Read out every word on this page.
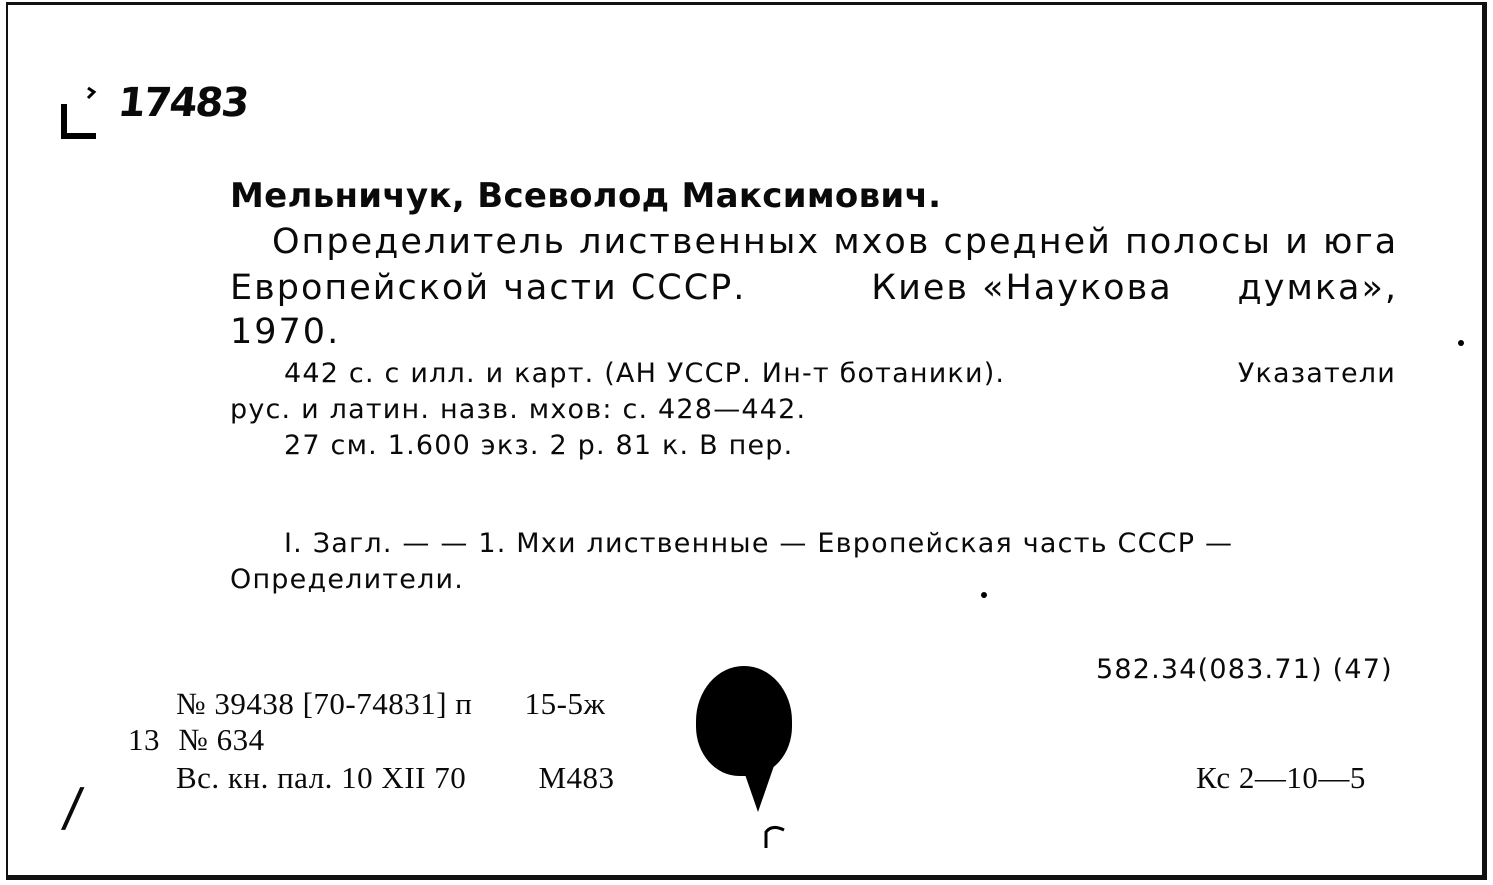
17483
Мельничук, Всеволод Максимович.
Определитель лиственных мхов средней полосы и юга
Европейской части СССР.	Киев «Наукова думка»,
1970.
442 с. с илл. и карт. (АН УССР. Ин-т ботаники).	Указатели
рус. и латин. назв. мхов: с. 428—442.
27 см. 1.600 экз. 2 р. 81 к. В пер.
I. Загл. — — 1. Мхи лиственные — Европейская часть СССР —
Определители.
582.34(083.71) (47)
№ 39438 [70-74831] п 15-5ж
13 № 634
Вс. кн. пал. 10 XII 70 М483	Кс 2—10—5
/
